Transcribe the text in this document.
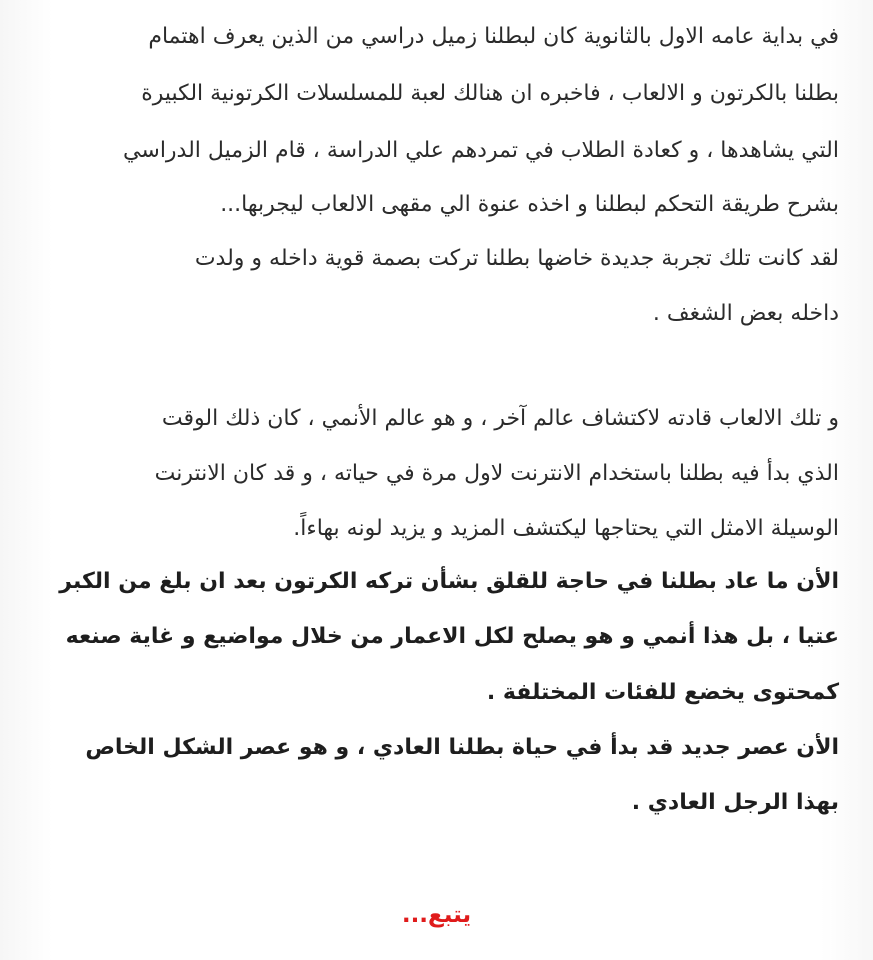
في بداية عامه الاول بالثانوية كان لبطلنا زميل دراسي من الذين يعرف اهتمام
بطلنا بالكرتون و الالعاب ، فاخبره ان هنالك لعبة للمسلسلات الكرتونية الكبيرة
التي يشاهدها ، و كعادة الطلاب في تمردهم علي الدراسة ، قام الزميل الدراسي
بشرح طريقة التحكم لبطلنا و اخذه عنوة الي مقهى الالعاب ليجربها...
لقد كانت تلك تجربة جديدة خاضها بطلنا تركت بصمة قوية داخله و ولدت
داخله بعض الشغف .
و تلك الالعاب قادته لاكتشاف عالم آخر ، و هو عالم الأنمي ، كان ذلك الوقت
الذي بدأ فيه بطلنا باستخدام الانترنت لاول مرة في حياته ، و قد كان الانترنت
الوسيلة الامثل التي يحتاجها ليكتشف المزيد و يزيد لونه بهاءاً.
الأن ما عاد بطلنا في حاجة للقلق بشأن تركه الكرتون بعد ان بلغ من الكبر
عتيا ، بل هذا أنمي و هو يصلح لكل الاعمار من خلال مواضيع و غاية صنعه
كمحتوى يخضع للفئات المختلفة .
الأن عصر جديد قد بدأ في حياة بطلنا العادي ، و هو عصر الشكل الخاص
بهذا الرجل العادي .
يتبع...
